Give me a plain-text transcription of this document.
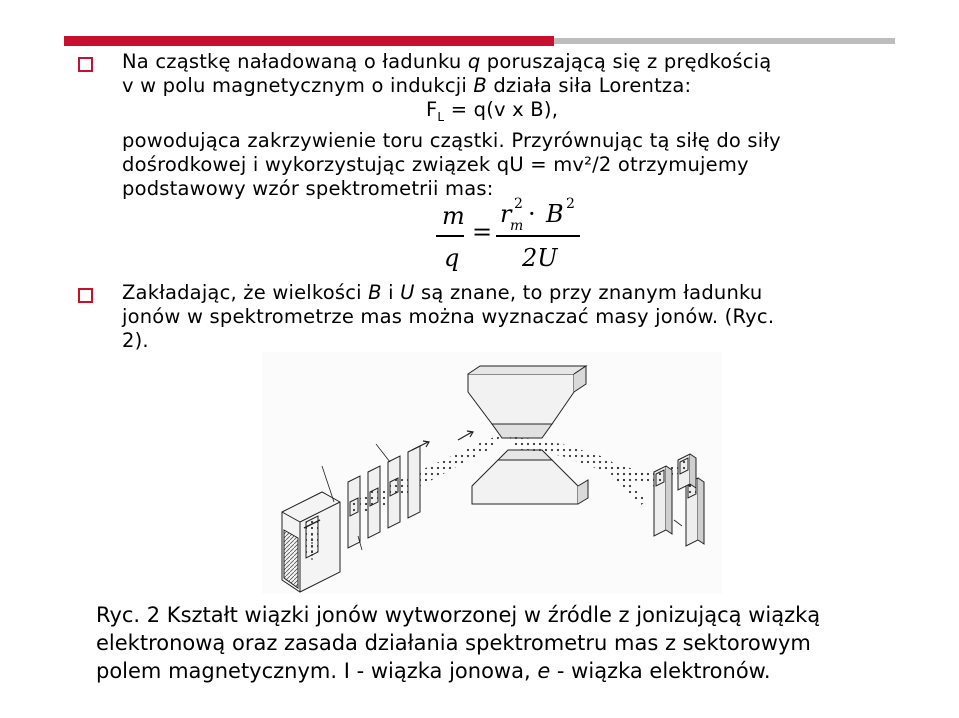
Na cząstkę naładowaną o ładunku q poruszającą się z prędkością
v w polu magnetycznym o indukcji B działa siła Lorentza:
$F_L = q(v$ x B),
powodująca zakrzywienie toru cząstki. Przyrównując tą siłę do siły
dośrodkowej i wykorzystując związek qU = mv²/2 otrzymujemy
podstawowy wzór spektrometrii mas:
m
q
=
r 2
m · B 2
2U
Zakładając, że wielkości B i U są znane, to przy znanym ładunku
jonów w spektrometrze mas można wyznaczać masy jonów. (Ryc.
2).
Ryc. 2 Kształt wiązki jonów wytworzonej w źródle z jonizującą wiązką
elektronową oraz zasada działania spektrometru mas z sektorowym
polem magnetycznym. I - wiązka jonowa, e - wiązka elektronów.
